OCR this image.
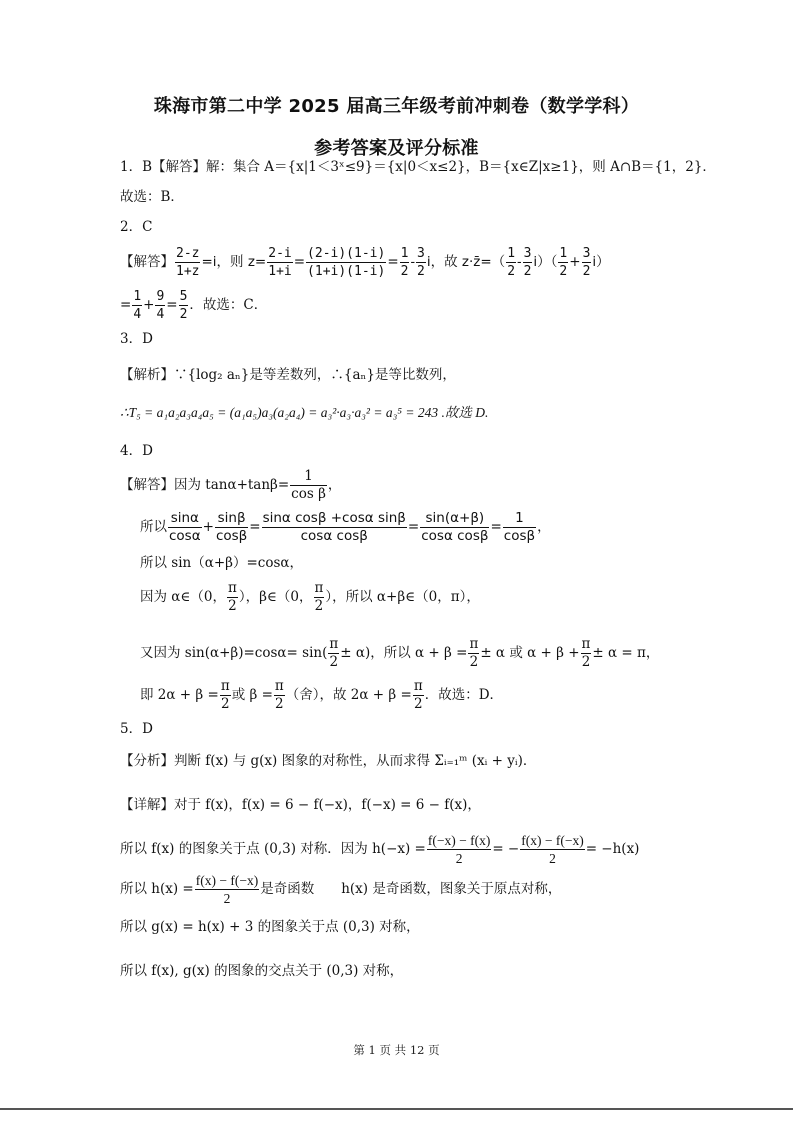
珠海市第二中学 2025 届高三年级考前冲刺卷（数学学科）
参考答案及评分标准
1．B【解答】解：集合 A＝{x|1＜3ˣ≤9}＝{x|0＜x≤2}，B＝{x∈Z|x≥1}，则 A∩B＝{1，2}．
故选：B．
2．C
【解答】 $\frac{2-z}{1+z} =i$，则 $z= \frac{2-i}{1+i} = \frac{(2-i)(1-i)}{(1+i)(1-i)} = \frac{1}{2} - \frac{3}{2}$ i，故 z·z̄=（ $\frac{1}{2} - \frac{3}{2} i)( \frac{1}{2} + \frac{3}{2} i)$
= $\frac{1}{4} + \frac{9}{4} = \frac{5}{2}$ ．故选：C．
3．D
【解析】∵{log₂ aₙ}是等差数列，∴{aₙ}是等比数列，
∴T₅ = a₁a₂a₃a₄a₅ = (a₁a₅)a₃(a₂a₄) = a₃²·a₃·a₃² = a₃⁵ = 243 .故选 D.
4．D
【解答】因为 $\tan\alpha+\tan\beta= \frac{1}{\text{cos β}}$ ，
所以 $\frac{\sin\alpha}{\cos\alpha} + \frac{\sin\beta}{\cos\beta} = \frac{\text{sinα cosβ +cosα sinβ}}{\text{cosα cosβ}} = \frac{\sin(\alpha+\beta)}{\text{cosα cosβ}} = \frac{1}{\cos\beta}$ ，
所以 sin（α+β）=cosα，
因为 α∈（0， $\frac{\pi}{2}$ ），β∈（0， $\frac{\pi}{2}$ ），所以 α+β∈（0，π），
又因为 $\sin(\alpha+\beta)=\cos\alpha= \sin( \frac{\pi}{2} \pm \alpha)$，所以 $\alpha + \beta = \frac{\pi}{2} \pm \alpha$ 或 $\alpha + \beta + \frac{\pi}{2} \pm \alpha = \pi$，
即 $2\alpha + \beta = \frac{\pi}{2}$ 或 $\beta = \frac{\pi}{2}$ （舍），故 $2\alpha + \beta = \frac{\pi}{2}$ ．故选：D．
5．D
【分析】判断 f(x) 与 g(x) 图象的对称性，从而求得 Σᵢ₌₁ᵐ (xᵢ + yᵢ)．
【详解】对于 f(x)，f(x) = 6 − f(−x)，f(−x) = 6 − f(x)，
所以 f(x) 的图象关于点 (0,3) 对称．因为 $h(-x) = \frac{f(-x) - f(x)}{2}$ = − $\frac{f(x) - f(-x)}{2} = -h(x)$
所以 $h(x) = \frac{f(x) - f(-x)}{2}$ 是奇函数　　h(x) 是奇函数，图象关于原点对称，
所以 g(x) = h(x) + 3 的图象关于点 (0,3) 对称，
所以 f(x), g(x) 的图象的交点关于 (0,3) 对称，
第 1 页 共 12 页
